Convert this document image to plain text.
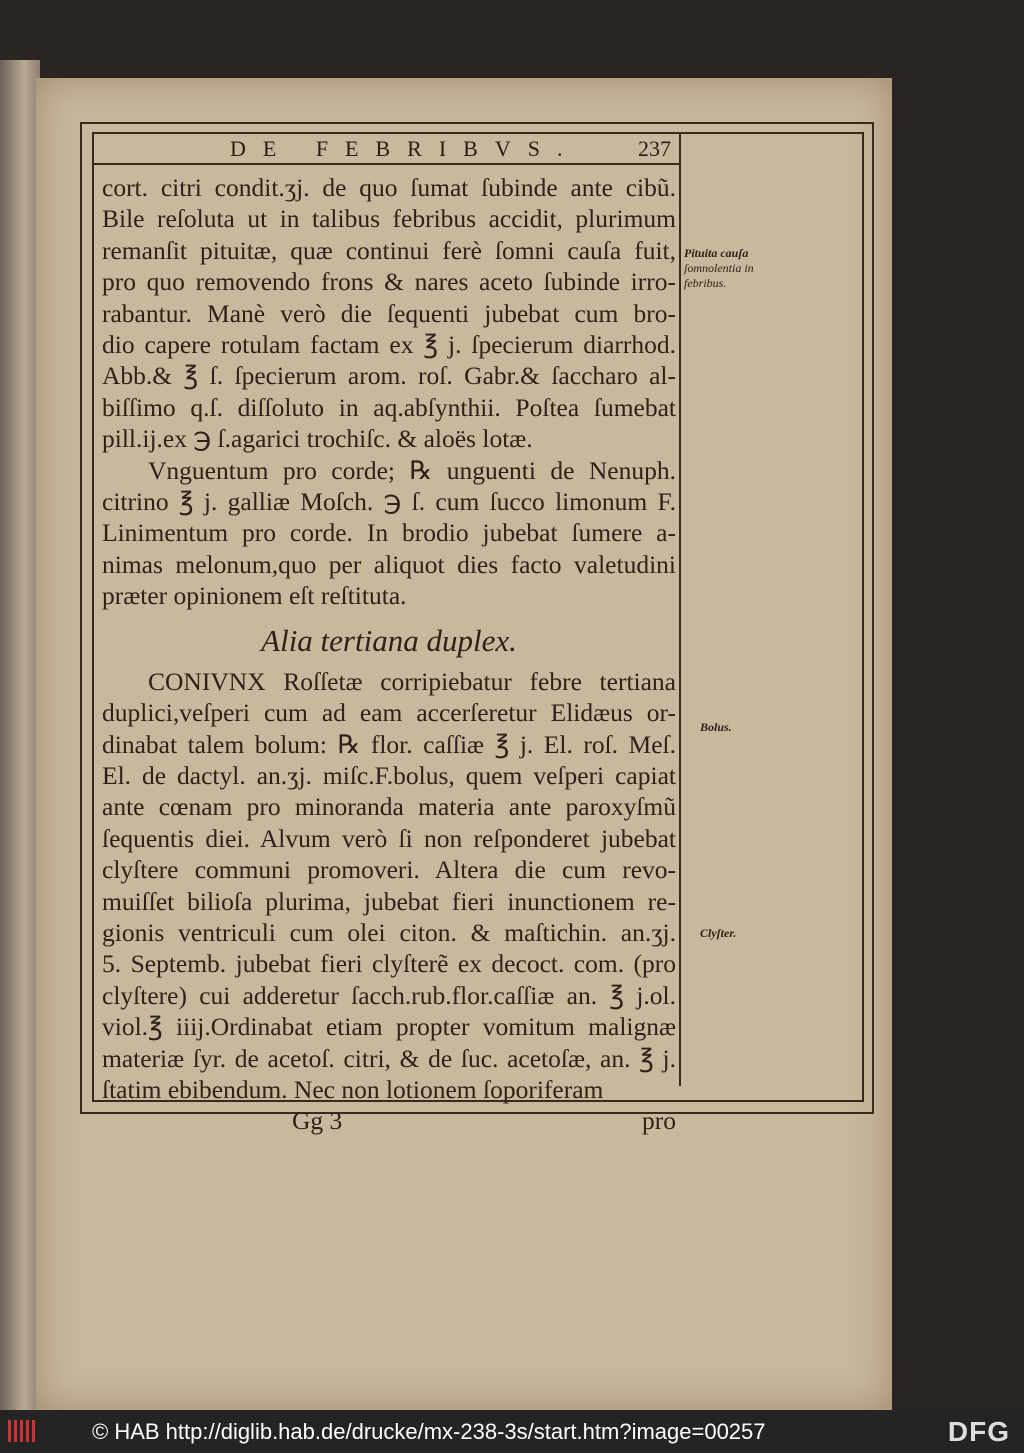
DE FEBRIBVS.	237
cort. citri condit.ʒj. de quo ſumat ſubinde ante cibũ.
Bile reſoluta ut in talibus febribus accidit, plurimum
remanſit pituitæ, quæ continui ferè ſomni cauſa fuit,
pro quo removendo frons & nares aceto ſubinde irro-
rabantur. Manè verò die ſequenti jubebat cum bro-
dio capere rotulam factam ex ℥ j. ſpecierum diarrhod.
Abb.& ℥ ſ. ſpecierum arom. roſ. Gabr.& ſaccharo al-
biſſimo q.ſ. diſſoluto in aq.abſynthii. Poſtea ſumebat
pill.ij.ex ℈ ſ.agarici trochiſc. & aloës lotæ.
Vnguentum pro corde; ℞ unguenti de Nenuph.
citrino ℥ j. galliæ Moſch. ℈ ſ. cum ſucco limonum F.
Linimentum pro corde. In brodio jubebat ſumere a-
nimas melonum,quo per aliquot dies facto valetudini
præter opinionem eſt reſtituta.
Alia tertiana duplex.
CONIVNX Roſſetæ corripiebatur febre tertiana
duplici,veſperi cum ad eam accerſeretur Elidæus or-
dinabat talem bolum: ℞ flor. caſſiæ ℥ j. El. roſ. Meſ.
El. de dactyl. an.ʒj. miſc.F.bolus, quem veſperi capiat
ante cœnam pro minoranda materia ante paroxyſmũ
ſequentis diei. Alvum verò ſi non reſponderet jubebat
clyſtere communi promoveri. Altera die cum revo-
muiſſet bilioſa plurima, jubebat fieri inunctionem re-
gionis ventriculi cum olei citon. & maſtichin. an.ʒj.
5. Septemb. jubebat fieri clyſterẽ ex decoct. com. (pro
clyſtere) cui adderetur ſacch.rub.flor.caſſiæ an. ℥ j.ol.
viol.℥ iiij.Ordinabat etiam propter vomitum malignæ
materiæ ſyr. de acetoſ. citri, & de ſuc. acetoſæ, an. ℥ j.
ſtatim ebibendum. Nec non lotionem ſoporiferam
Gg 3	pro
Pituita cauſa
ſomnolentia in
febribus.
Bolus.
Clyſter.
© HAB http://diglib.hab.de/drucke/mx-238-3s/start.htm?image=00257	DFG
